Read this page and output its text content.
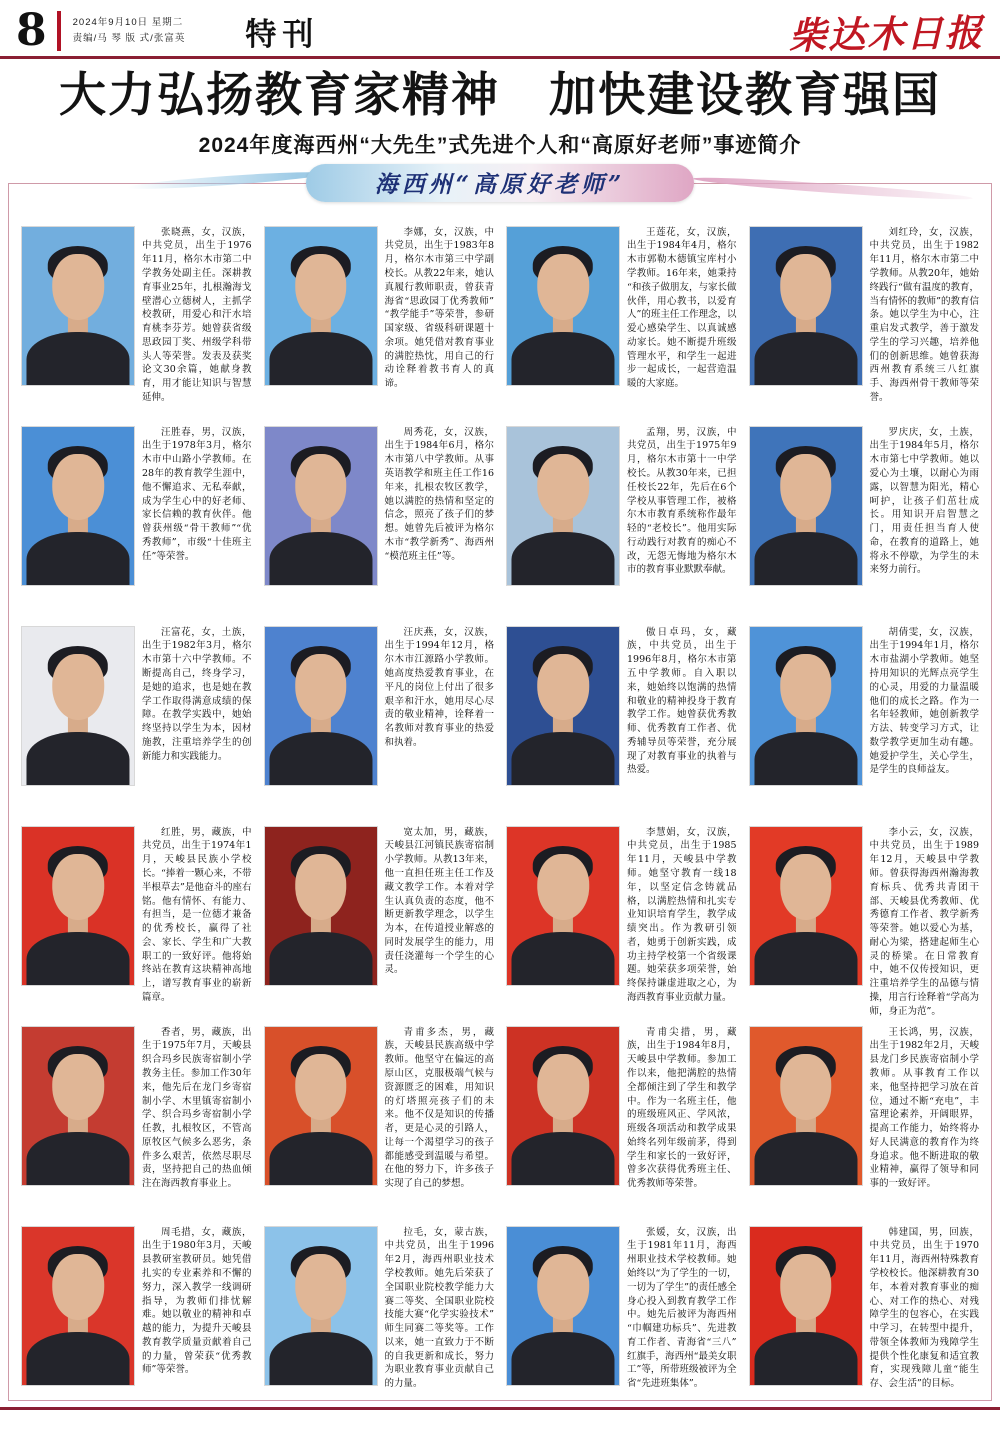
8	2024年9月10日 星期二
责编/马 琴 版 式/张富英 特刊	柴达木日报
大力弘扬教育家精神　加快建设教育强国
2024年度海西州“大先生”式先进个人和“高原好老师”事迹简介
海西州“高原好老师”

张晓燕，女，汉族，中共党员，出生于1976年11月，格尔木市第二中学教务处副主任。深耕教育事业25年，扎根瀚海戈壁潜心立德树人，主抓学校教研，用爱心和汗水培育桃李芬芳。她曾获省级思政园丁奖、州级学科带头人等荣誉。发表及获奖论文30余篇，她献身教育，用才能让知识与智慧延伸。

李娜，女，汉族，中共党员，出生于1983年8月，格尔木市第三中学副校长。从教22年来，她认真履行教师职责，曾获青海省“思政园丁优秀教师”“教学能手”等荣誉，参研国家级、省级科研课题十余项。她凭借对教育事业的满腔热忱，用自己的行动诠释着教书育人的真谛。

王莲花，女，汉族，出生于1984年4月，格尔木市郭勒木德镇宝库村小学教师。16年来，她秉持“和孩子做朋友，与家长做伙伴，用心教书，以爱育人”的班主任工作理念，以爱心感染学生、以真诚感动家长。她不断提升班级管理水平，和学生一起进步一起成长，一起营造温暖的大家庭。

刘红玲，女，汉族，中共党员，出生于1982年11月，格尔木市第二中学教师。从教20年，她始终践行“做有温度的教育，当有情怀的教师”的教育信条。她以学生为中心，注重启发式教学，善于激发学生的学习兴趣，培养他们的创新思维。她曾获海西州教育系统三八红旗手、海西州骨干教师等荣誉。

汪胜春，男，汉族，出生于1978年3月，格尔木市中山路小学教师。在28年的教育教学生涯中，他不懈追求、无私奉献，成为学生心中的好老师、家长信赖的教育伙伴。他曾获州级“骨干教师”“优秀教师”，市级“十佳班主任”等荣誉。

周秀花，女，汉族，出生于1984年6月，格尔木市第八中学教师。从事英语教学和班主任工作16年来，扎根农牧区教学，她以满腔的热情和坚定的信念，照亮了孩子们的梦想。她曾先后被评为格尔木市“教学新秀”、海西州“模范班主任”等。

孟翔，男，汉族，中共党员，出生于1975年9月，格尔木市第十一中学校长。从教30年来，已担任校长22年，先后在6个学校从事管理工作，被格尔木市教育系统称作最年轻的“老校长”。他用实际行动践行对教育的痴心不改，无怨无悔地为格尔木市的教育事业默默奉献。

罗庆庆，女，土族，出生于1984年5月，格尔木市第七中学教师。她以爱心为土壤，以耐心为雨露，以智慧为阳光，精心呵护，让孩子们茁壮成长。用知识开启智慧之门，用责任担当育人使命，在教育的道路上，她将永不停歇，为学生的未来努力前行。

汪富花，女，土族，出生于1982年3月，格尔木市第十六中学教师。不断提高自己，终身学习，是她的追求，也是她在教学工作取得满意成绩的保障。在教学实践中，她始终坚持以学生为本，因材施教，注重培养学生的创新能力和实践能力。

汪庆燕，女，汉族，出生于1994年12月，格尔木市江源路小学教师。她高度热爱教育事业，在平凡的岗位上付出了很多艰辛和汗水，她用尽心尽责的敬业精神，诠释着一名教师对教育事业的热爱和执着。

傲日卓玛，女，藏族，中共党员，出生于1996年8月，格尔木市第五中学教师。自入职以来，她始终以饱满的热情和敬业的精神投身于教育教学工作。她曾获优秀教师、优秀教育工作者、优秀辅导员等荣誉，充分展现了对教育事业的执着与热爱。

胡倩雯，女，汉族，出生于1994年1月，格尔木市盐湖小学教师。她坚持用知识的光辉点亮学生的心灵，用爱的力量温暖他们的成长之路。作为一名年轻教师，她创新教学方法、转变学习方式，让数学教学更加生动有趣。她爱护学生，关心学生，是学生的良师益友。

红胜，男，藏族，中共党员，出生于1974年1月，天峻县民族小学校长。“捧着一颗心来，不带半根草去”是他奋斗的座右铭。他有情怀、有能力、有担当，是一位德才兼备的优秀校长，赢得了社会、家长、学生和广大教职工的一致好评。他将始终站在教育这块精神高地上，谱写教育事业的崭新篇章。

宽太加，男，藏族，天峻县江河镇民族寄宿制小学教师。从教13年来，他一直担任班主任工作及藏文教学工作。本着对学生认真负责的态度，他不断更新教学理念，以学生为本，在传道授业解惑的同时发展学生的能力，用责任浇灌每一个学生的心灵。

李慧娟，女，汉族，中共党员，出生于1985年11月，天峻县中学教师。她坚守教育一线18年，以坚定信念铸就品格，以满腔热情和扎实专业知识培育学生，教学成绩突出。作为教研引领者，她勇于创新实践，成功主持学校第一个省级课题。她荣获多项荣誉，始终保持谦虚进取之心，为海西教育事业贡献力量。

李小云，女，汉族，中共党员，出生于1989年12月，天峻县中学教师。曾获得海西州瀚海教育标兵、优秀共青团干部、天峻县优秀教师、优秀德育工作者、教学新秀等荣誉。她以爱心为基，耐心为梁，搭建起师生心灵的桥梁。在日常教育中，她不仅传授知识，更注重培养学生的品德与情操，用言行诠释着“学高为师，身正为范”。

香者，男，藏族，出生于1975年7月，天峻县织合玛乡民族寄宿制小学教务主任。参加工作30年来，他先后在龙门乡寄宿制小学、木里镇寄宿制小学、织合玛乡寄宿制小学任教，扎根牧区，不管高原牧区气候多么恶劣，条件多么艰苦，依然尽职尽责，坚持把自己的热血倾注在海西教育事业上。

青甫多杰，男，藏族，天峻县民族高级中学教师。他坚守在偏远的高原山区，克服极端气候与资源匮乏的困难，用知识的灯塔照亮孩子们的未来。他不仅是知识的传播者，更是心灵的引路人，让每一个渴望学习的孩子都能感受到温暖与希望。在他的努力下，许多孩子实现了自己的梦想。

青甫尖措，男，藏族，出生于1984年8月，天峻县中学教师。参加工作以来，他把满腔的热情全都倾注到了学生和教学中。作为一名班主任，他的班级班风正、学风浓，班级各项活动和教学成果始终名列年级前茅，得到学生和家长的一致好评，曾多次获得优秀班主任、优秀教师等荣誉。

王长鸿，男，汉族，出生于1982年2月，天峻县龙门乡民族寄宿制小学教师。从事教育工作以来，他坚持把学习放在首位，通过不断“充电”，丰富理论素养，开阔眼界，提高工作能力，始终将办好人民满意的教育作为终身追求。他不断进取的敬业精神，赢得了领导和同事的一致好评。

周毛措，女，藏族，出生于1980年3月，天峻县教研室教研员。她凭借扎实的专业素养和不懈的努力，深入教学一线调研指导，为教师们排忧解难。她以敬业的精神和卓越的能力，为提升天峻县教育教学质量贡献着自己的力量，曾荣获“优秀教师”等荣誉。

拉毛，女，蒙古族，中共党员，出生于1996年2月，海西州职业技术学校教师。她先后荣获了全国职业院校教学能力大赛二等奖、全国职业院校技能大赛“化学实验技术”师生同赛二等奖等。工作以来，她一直致力于不断的自我更新和成长，努力为职业教育事业贡献自己的力量。

张媛，女，汉族，出生于1981年11月，海西州职业技术学校教师。她始终以“为了学生的一切，一切为了学生”的责任感全身心投入到教育教学工作中。她先后被评为海西州“巾帼建功标兵”、先进教育工作者、青海省“三八”红旗手，海西州“最美女职工”等，所带班级被评为全省“先进班集体”。

韩建国，男，回族，中共党员，出生于1970年11月，海西州特殊教育学校校长。他深耕教育30年，本着对教育事业的痴心、对工作的热心、对残障学生的包容心，在实践中学习，在转型中提升，带领全体教师为残障学生提供个性化康复和适宜教育，实现残障儿童“能生存、会生活”的目标。
